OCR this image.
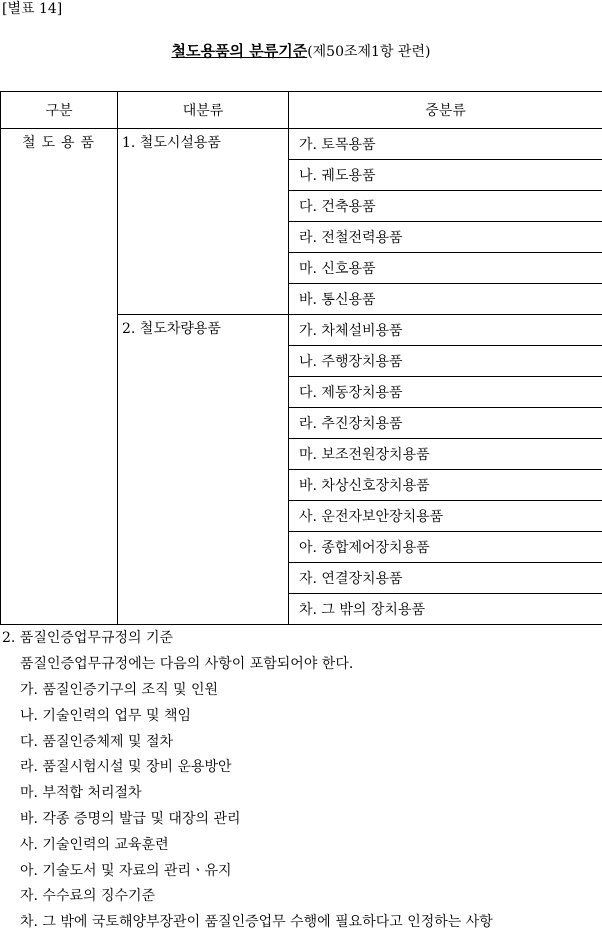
[별표 14]
철도용품의 분류기준(제50조제1항 관련)
구분	대분류	중분류
철도용품	1. 철도시설용품	가. 토목용품
		나. 궤도용품
		다. 건축용품
		라. 전철전력용품
		마. 신호용품
		바. 통신용품
	2. 철도차량용품	가. 차체설비용품
		나. 주행장치용품
		다. 제동장치용품
		라. 추진장치용품
		마. 보조전원장치용품
		바. 차상신호장치용품
		사. 운전자보안장치용품
		아. 종합제어장치용품
		자. 연결장치용품
		차. 그 밖의 장치용품
2. 품질인증업무규정의 기준
품질인증업무규정에는 다음의 사항이 포함되어야 한다.
가. 품질인증기구의 조직 및 인원
나. 기술인력의 업무 및 책임
다. 품질인증체제 및 절차
라. 품질시험시설 및 장비 운용방안
마. 부적합 처리절차
바. 각종 증명의 발급 및 대장의 관리
사. 기술인력의 교육훈련
아. 기술도서 및 자료의 관리ㆍ유지
자. 수수료의 징수기준
차. 그 밖에 국토해양부장관이 품질인증업무 수행에 필요하다고 인정하는 사항
